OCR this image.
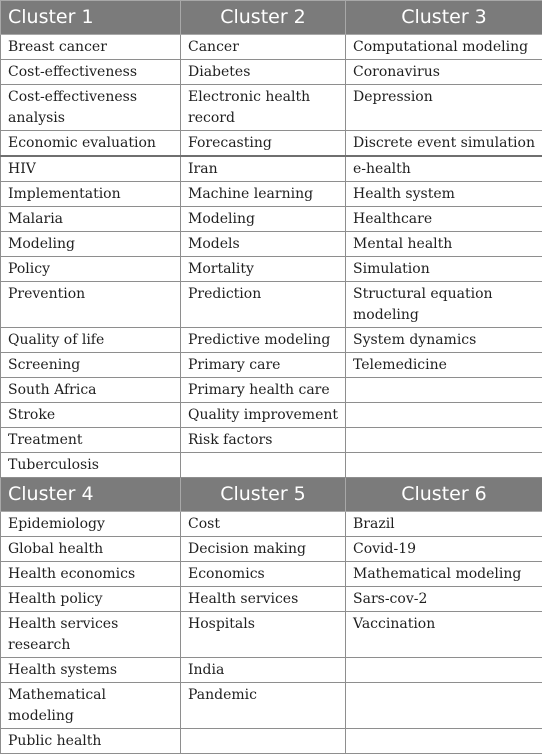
Cluster 1	Cluster 2	Cluster 3
Breast cancer	Cancer	Computational modeling
Cost-effectiveness	Diabetes	Coronavirus
Cost-effectiveness analysis	Electronic health record	Depression
Economic evaluation	Forecasting	Discrete event simulation
HIV	Iran	e-health
Implementation	Machine learning	Health system
Malaria	Modeling	Healthcare
Modeling	Models	Mental health
Policy	Mortality	Simulation
Prevention	Prediction	Structural equation modeling
Quality of life	Predictive modeling	System dynamics
Screening	Primary care	Telemedicine
South Africa	Primary health care	
Stroke	Quality improvement	
Treatment	Risk factors	
Tuberculosis		
Cluster 4	Cluster 5	Cluster 6
Epidemiology	Cost	Brazil
Global health	Decision making	Covid-19
Health economics	Economics	Mathematical modeling
Health policy	Health services	Sars-cov-2
Health services research	Hospitals	Vaccination
Health systems	India	
Mathematical modeling	Pandemic	
Public health		
